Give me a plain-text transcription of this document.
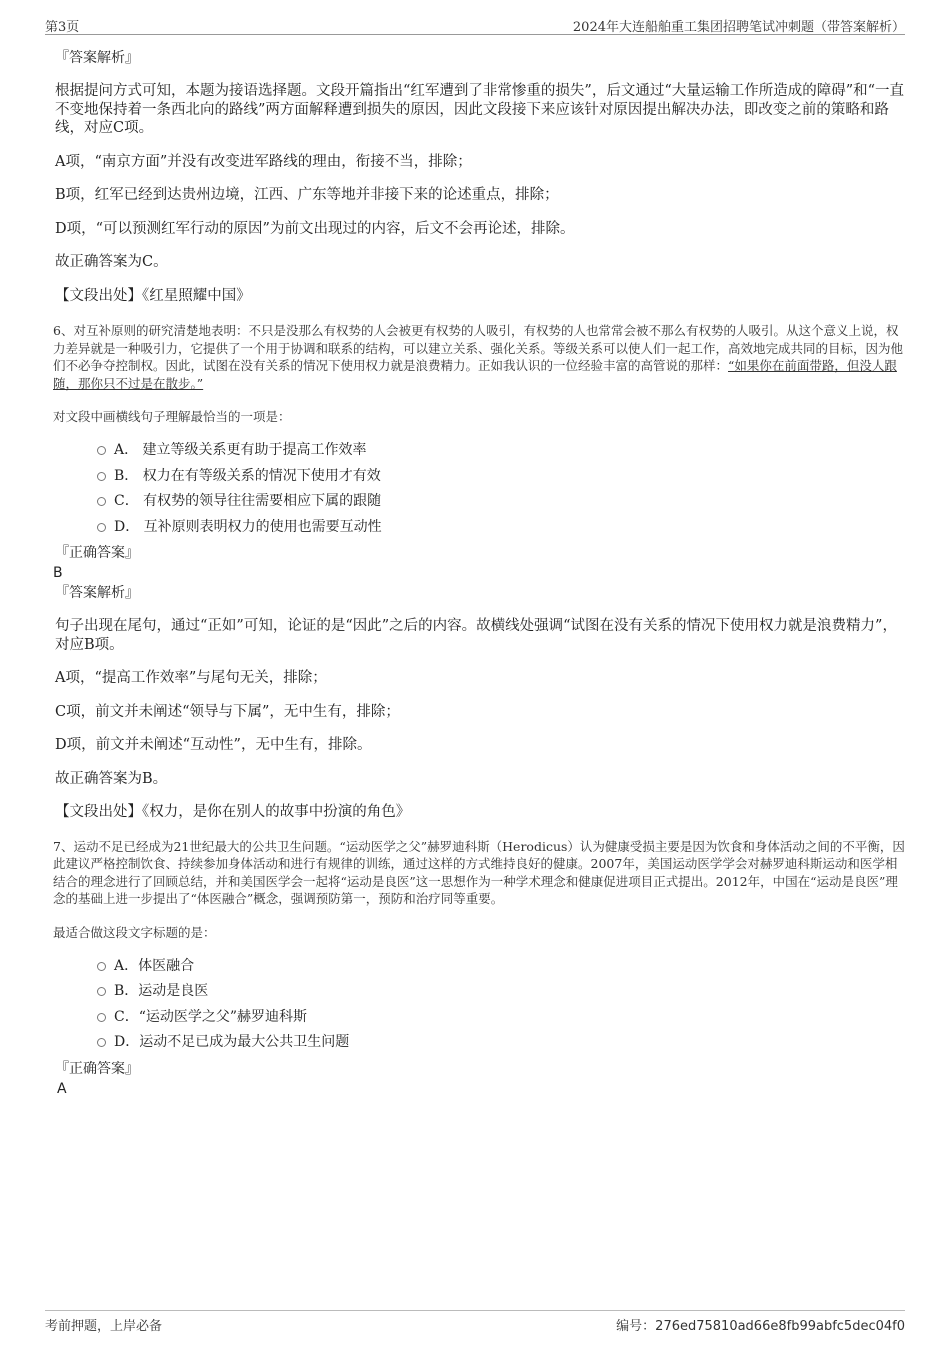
第3页	2024年大连船舶重工集团招聘笔试冲刺题（带答案解析）
『答案解析』

根据提问方式可知，本题为接语选择题。文段开篇指出“红军遭到了非常惨重的损失”，后文通过“大量运输工作所造成的障碍”和“一直不变地保持着一条西北向的路线”两方面解释遭到损失的原因，因此文段接下来应该针对原因提出解决办法，即改变之前的策略和路线，对应C项。

A项，“南京方面”并没有改变进军路线的理由，衔接不当，排除；

B项，红军已经到达贵州边境，江西、广东等地并非接下来的论述重点，排除；

D项，“可以预测红军行动的原因”为前文出现过的内容，后文不会再论述，排除。

故正确答案为C。

【文段出处】《红星照耀中国》

6、对互补原则的研究清楚地表明：不只是没那么有权势的人会被更有权势的人吸引，有权势的人也常常会被不那么有权势的人吸引。从这个意义上说，权力差异就是一种吸引力，它提供了一个用于协调和联系的结构，可以建立关系、强化关系。等级关系可以使人们一起工作，高效地完成共同的目标，因为他们不必争夺控制权。因此，试图在没有关系的情况下使用权力就是浪费精力。正如我认识的一位经验丰富的高管说的那样：“如果你在前面带路，但没人跟随，那你只不过是在散步。”

对文段中画横线句子理解最恰当的一项是：

A． 建立等级关系更有助于提高工作效率
B． 权力在有等级关系的情况下使用才有效
C． 有权势的领导往往需要相应下属的跟随
D． 互补原则表明权力的使用也需要互动性
『正确答案』
B
『答案解析』

句子出现在尾句，通过“正如”可知，论证的是“因此”之后的内容。故横线处强调“试图在没有关系的情况下使用权力就是浪费精力”，对应B项。

A项，“提高工作效率”与尾句无关，排除；

C项，前文并未阐述“领导与下属”，无中生有，排除；

D项，前文并未阐述“互动性”，无中生有，排除。

故正确答案为B。

【文段出处】《权力，是你在别人的故事中扮演的角色》

7、运动不足已经成为21世纪最大的公共卫生问题。“运动医学之父”赫罗迪科斯（Herodicus）认为健康受损主要是因为饮食和身体活动之间的不平衡，因此建议严格控制饮食、持续参加身体活动和进行有规律的训练，通过这样的方式维持良好的健康。2007年，美国运动医学学会对赫罗迪科斯运动和医学相结合的理念进行了回顾总结，并和美国医学会一起将“运动是良医”这一思想作为一种学术理念和健康促进项目正式提出。2012年，中国在“运动是良医”理念的基础上进一步提出了“体医融合”概念，强调预防第一，预防和治疗同等重要。

最适合做这段文字标题的是：

A．体医融合
B．运动是良医
C．“运动医学之父”赫罗迪科斯
D．运动不足已成为最大公共卫生问题
『正确答案』
A
考前押题，上岸必备	编号：276ed75810ad66e8fb99abfc5dec04f0
